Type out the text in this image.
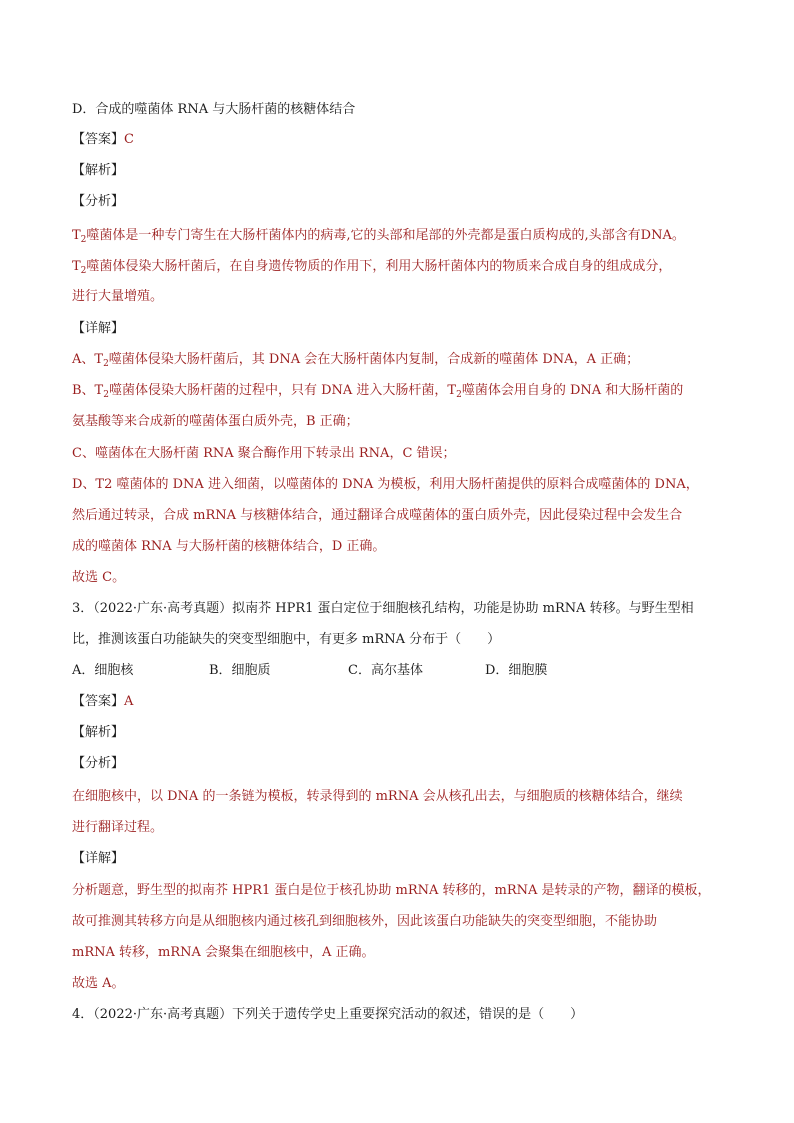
D．合成的噬菌体 RNA 与大肠杆菌的核糖体结合
【答案】C
【解析】
【分析】
$T_2$噬菌体是一种专门寄生在大肠杆菌体内的病毒,它的头部和尾部的外壳都是蛋白质构成的,头部含有DNA。
$T_2$噬菌体侵染大肠杆菌后，在自身遗传物质的作用下，利用大肠杆菌体内的物质来合成自身的组成成分，
进行大量增殖。
【详解】
A、$T_2$噬菌体侵染大肠杆菌后，其 DNA 会在大肠杆菌体内复制，合成新的噬菌体 DNA，A 正确；
B、$T_2$噬菌体侵染大肠杆菌的过程中，只有 DNA 进入大肠杆菌，$T_2$噬菌体会用自身的 DNA 和大肠杆菌的
氨基酸等来合成新的噬菌体蛋白质外壳，B 正确；
C、噬菌体在大肠杆菌 RNA 聚合酶作用下转录出 RNA，C 错误；
D、T2 噬菌体的 DNA 进入细菌，以噬菌体的 DNA 为模板，利用大肠杆菌提供的原料合成噬菌体的 DNA，
然后通过转录，合成 mRNA 与核糖体结合，通过翻译合成噬菌体的蛋白质外壳，因此侵染过程中会发生合
成的噬菌体 RNA 与大肠杆菌的核糖体结合，D 正确。
故选 C。
3．（2022·广东·高考真题）拟南芥 HPR1 蛋白定位于细胞核孔结构，功能是协助 mRNA 转移。与野生型相
比，推测该蛋白功能缺失的突变型细胞中，有更多 mRNA 分布于（　　）
A．细胞核	B．细胞质	C．高尔基体	D．细胞膜
【答案】A
【解析】
【分析】
在细胞核中，以 DNA 的一条链为模板，转录得到的 mRNA 会从核孔出去，与细胞质的核糖体结合，继续
进行翻译过程。
【详解】
分析题意，野生型的拟南芥 HPR1 蛋白是位于核孔协助 mRNA 转移的，mRNA 是转录的产物，翻译的模板，
故可推测其转移方向是从细胞核内通过核孔到细胞核外，因此该蛋白功能缺失的突变型细胞，不能协助
mRNA 转移，mRNA 会聚集在细胞核中，A 正确。
故选 A。
4．（2022·广东·高考真题）下列关于遗传学史上重要探究活动的叙述，错误的是（　　）
